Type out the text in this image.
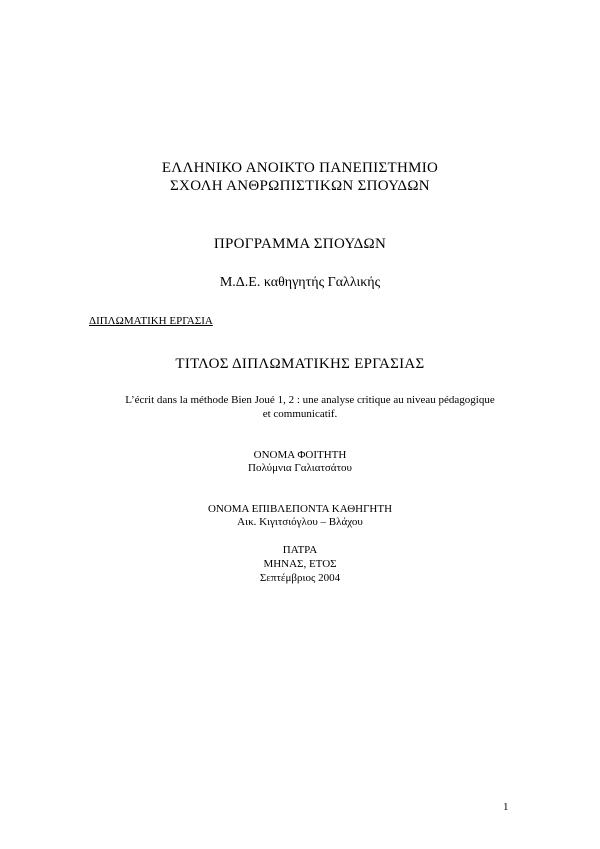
ΕΛΛΗΝΙΚΟ ΑΝΟΙΚΤΟ ΠΑΝΕΠΙΣΤΗΜΙΟ
ΣΧΟΛΗ ΑΝΘΡΩΠΙΣΤΙΚΩΝ ΣΠΟΥΔΩΝ
ΠΡΟΓΡΑΜΜΑ ΣΠΟΥΔΩΝ
Μ.Δ.Ε. καθηγητής Γαλλικής
ΔΙΠΛΩΜΑΤΙΚΗ ΕΡΓΑΣΙΑ
ΤΙΤΛΟΣ ΔΙΠΛΩΜΑΤΙΚΗΣ ΕΡΓΑΣΙΑΣ
L’écrit dans la méthode Bien Joué 1, 2 : une analyse critique au niveau pédagogique
et communicatif.
ΟΝΟΜΑ ΦΟΙΤΗΤΗ
Πολύμνια Γαλιατσάτου
ΟΝΟΜΑ ΕΠΙΒΛΕΠΟΝΤΑ ΚΑΘΗΓΗΤΗ
Αικ. Κιγιτσιόγλου – Βλάχου
ΠΑΤΡΑ
ΜΗΝΑΣ, ΕΤΟΣ
Σεπτέμβριος 2004
1
